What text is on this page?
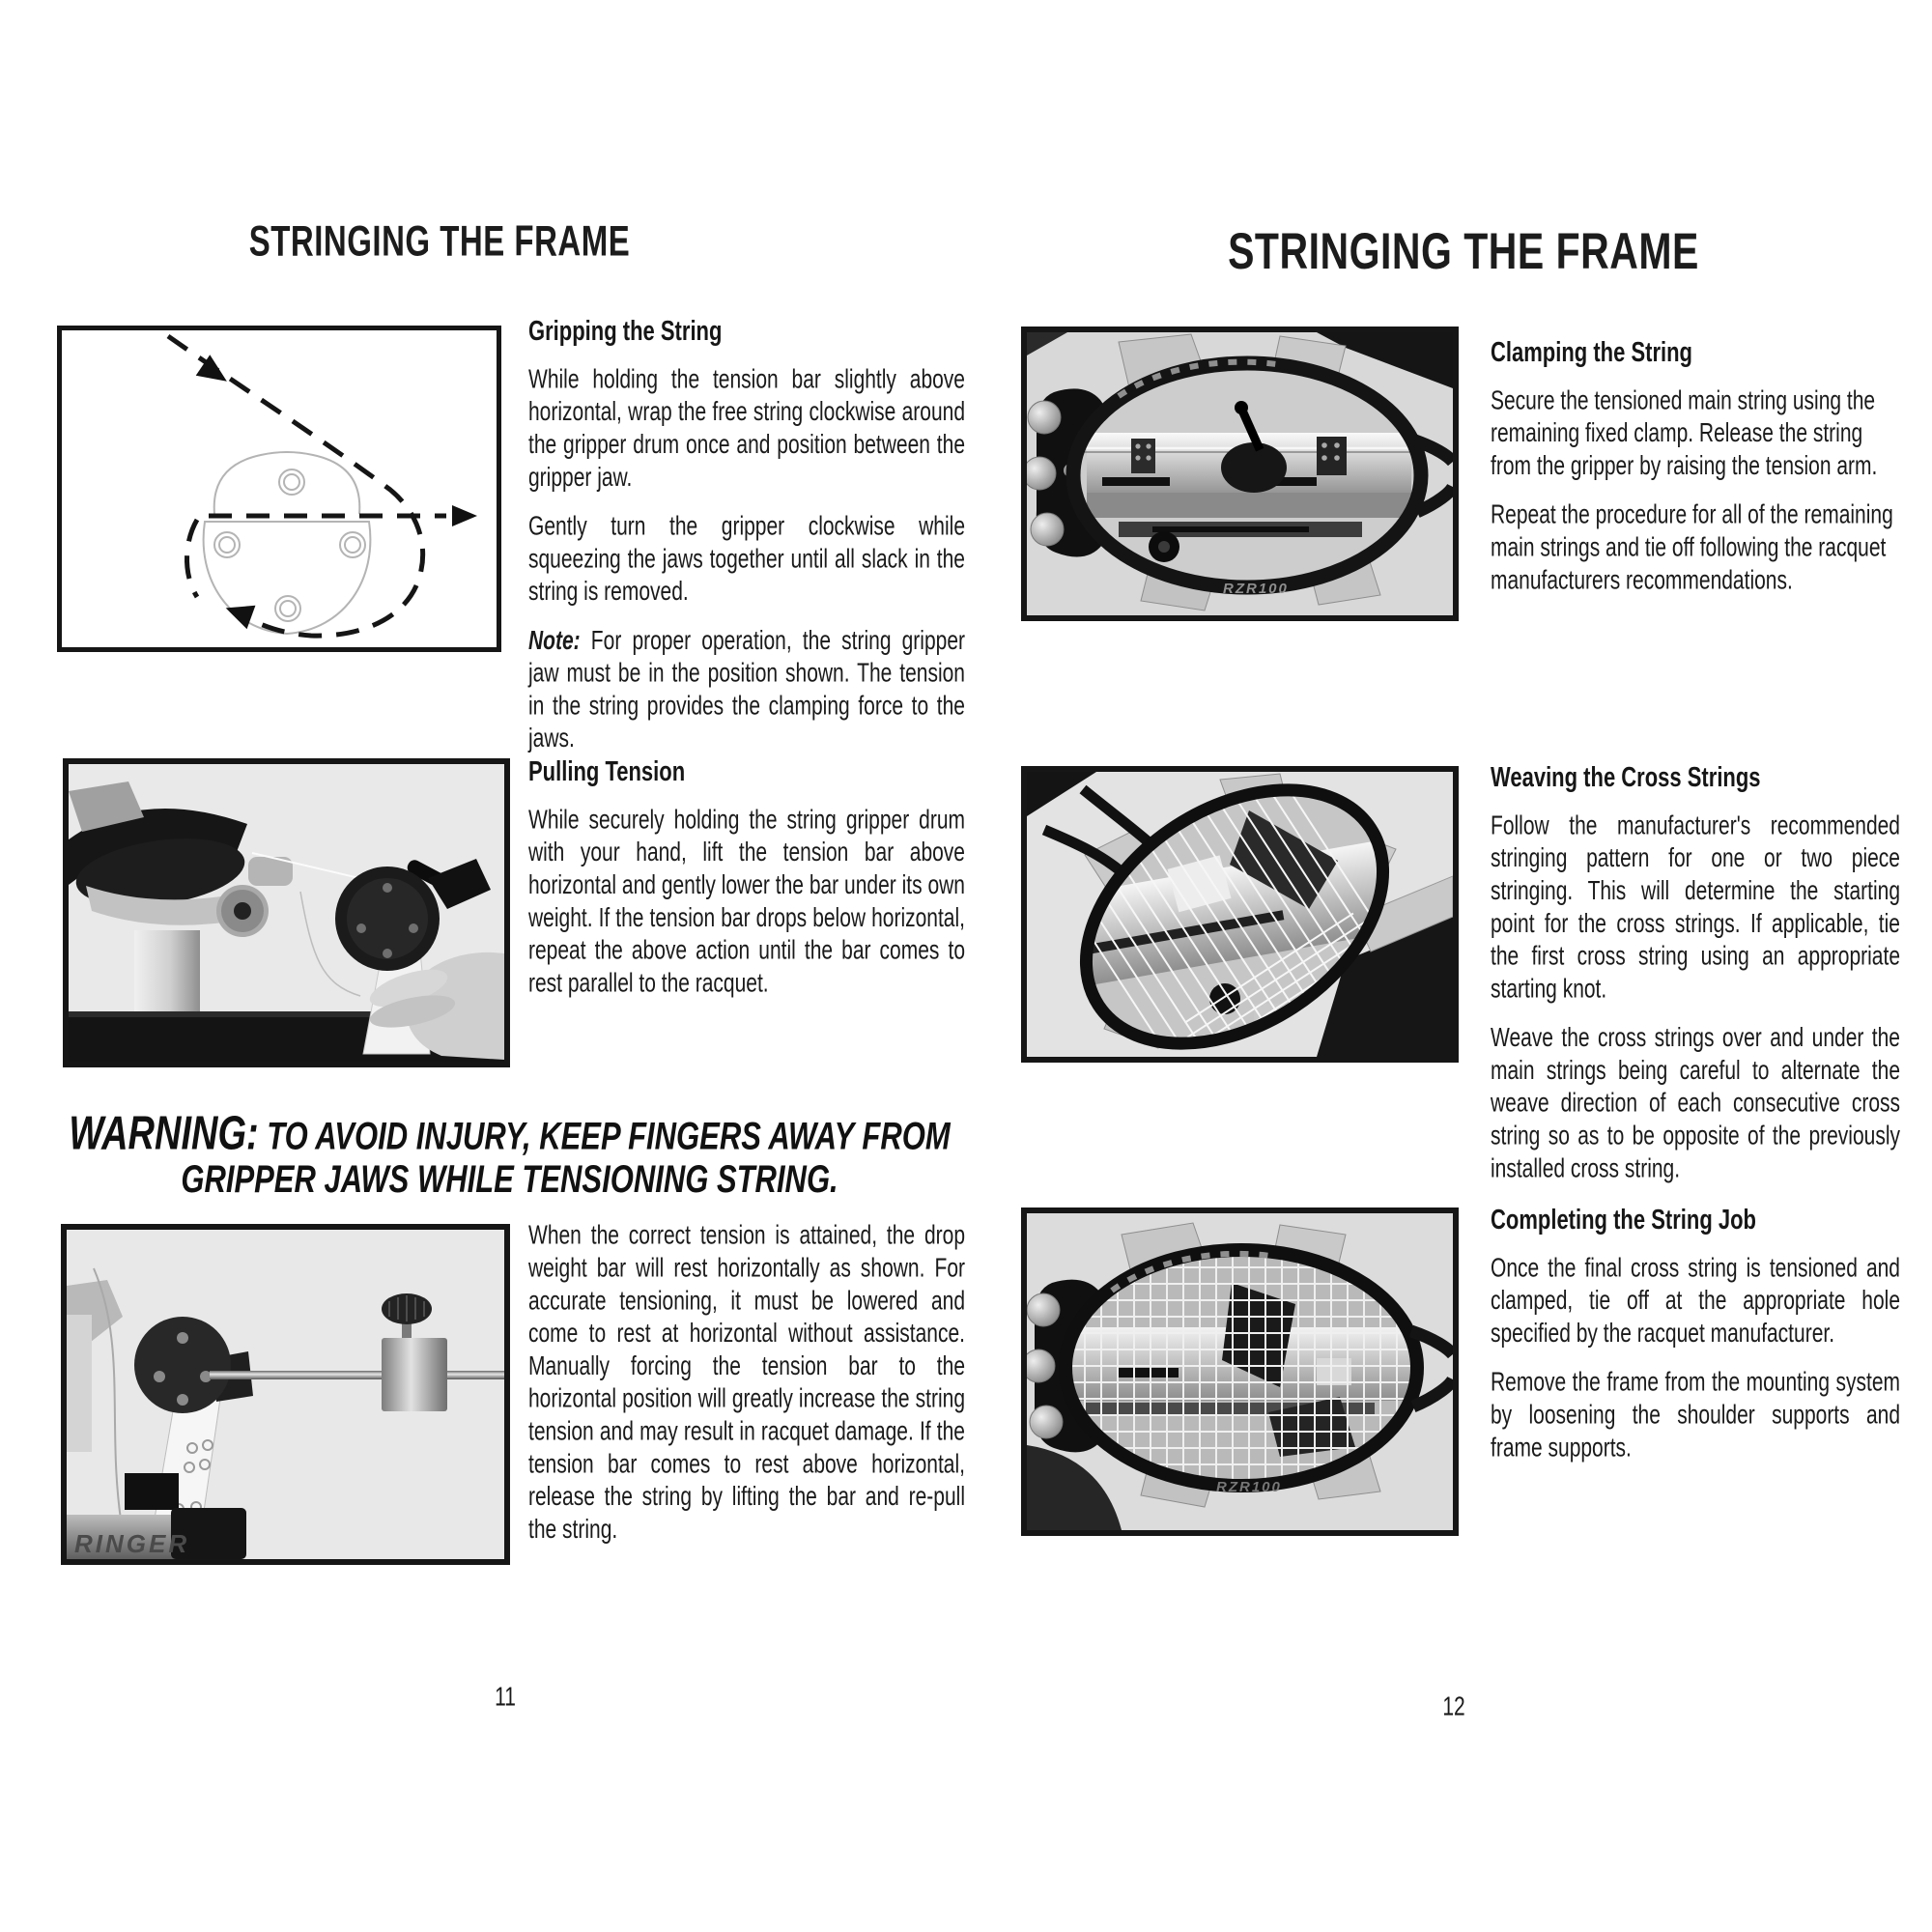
STRINGING THE FRAME
Gripping the String

While holding the tension bar slightly above horizontal, wrap the free string clockwise around the gripper drum once and position between the gripper jaw.

Gently turn the gripper clockwise while squeezing the jaws together until all slack in the string is removed.

Note: For proper operation, the string gripper jaw must be in the position shown. The tension in the string provides the clamping force to the jaws.

Pulling Tension

While securely holding the string gripper drum with your hand, lift the tension bar above horizontal and gently lower the bar under its own weight. If the tension bar drops below horizontal, repeat the above action until the bar comes to rest parallel to the racquet.

WARNING: TO AVOID INJURY, KEEP FINGERS AWAY FROM GRIPPER JAWS WHILE TENSIONING STRING.
RINGER

When the correct tension is attained, the drop weight bar will rest horizontally as shown. For accurate tensioning, it must be lowered and come to rest at horizontal without assistance. Manually forcing the tension bar to the horizontal position will greatly increase the string tension and may result in racquet damage. If the tension bar comes to rest above horizontal, release the string by lifting the bar and re-pull the string.

11
STRINGING THE FRAME
RZR100
Clamping the String

Secure the tensioned main string using the remaining fixed clamp. Release the string from the gripper by raising the tension arm.

Repeat the procedure for all of the remaining main strings and tie off following the racquet manufacturers recommendations.

Weaving the Cross Strings

Follow the manufacturer's recommended stringing pattern for one or two piece stringing. This will determine the starting point for the cross strings. If applicable, tie the first cross string using an appropriate starting knot.

Weave the cross strings over and under the main strings being careful to alternate the weave direction of each consecutive cross string so as to be opposite of the previously installed cross string.

RZR100
Completing the String Job

Once the final cross string is tensioned and clamped, tie off at the appropriate hole specified by the racquet manufacturer.

Remove the frame from the mounting system by loosening the shoulder supports and frame supports.

12
